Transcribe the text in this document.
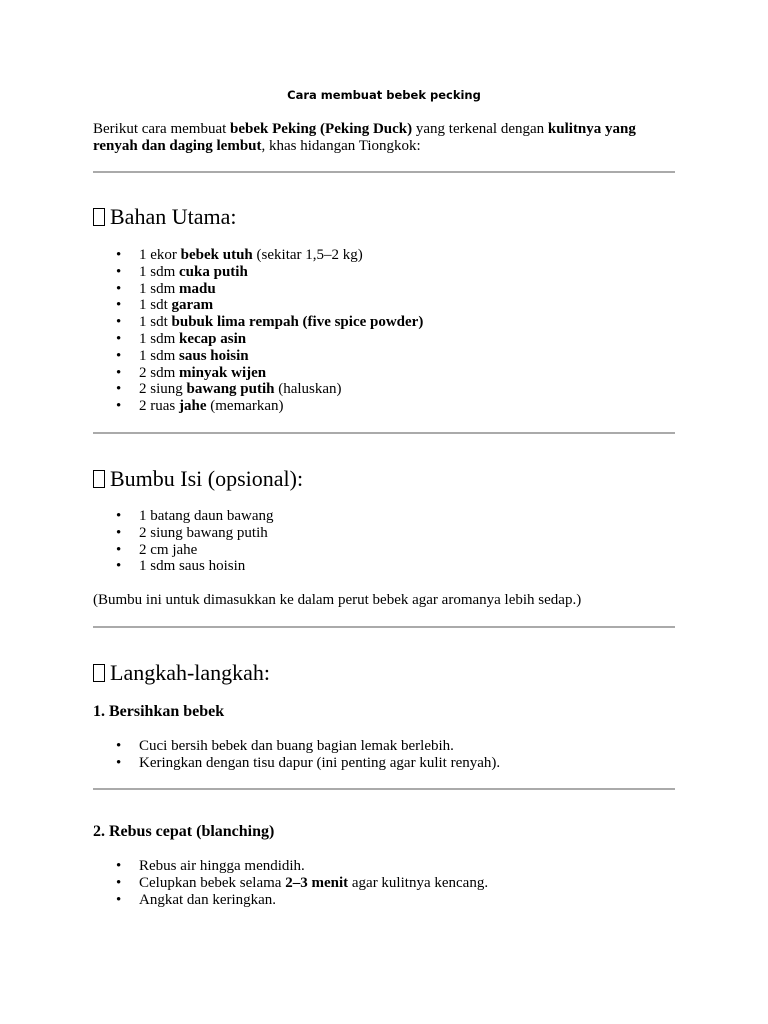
Cara membuat bebek pecking
Berikut cara membuat bebek Peking (Peking Duck) yang terkenal dengan kulitnya yang renyah dan daging lembut, khas hidangan Tiongkok:
Bahan Utama:
• 1 ekor bebek utuh (sekitar 1,5–2 kg)
• 1 sdm cuka putih
• 1 sdm madu
• 1 sdt garam
• 1 sdt bubuk lima rempah (five spice powder)
• 1 sdm kecap asin
• 1 sdm saus hoisin
• 2 sdm minyak wijen
• 2 siung bawang putih (haluskan)
• 2 ruas jahe (memarkan)
Bumbu Isi (opsional):
• 1 batang daun bawang
• 2 siung bawang putih
• 2 cm jahe
• 1 sdm saus hoisin
(Bumbu ini untuk dimasukkan ke dalam perut bebek agar aromanya lebih sedap.)
Langkah-langkah:
1. Bersihkan bebek
• Cuci bersih bebek dan buang bagian lemak berlebih.
• Keringkan dengan tisu dapur (ini penting agar kulit renyah).
2. Rebus cepat (blanching)
• Rebus air hingga mendidih.
• Celupkan bebek selama 2–3 menit agar kulitnya kencang.
• Angkat dan keringkan.
